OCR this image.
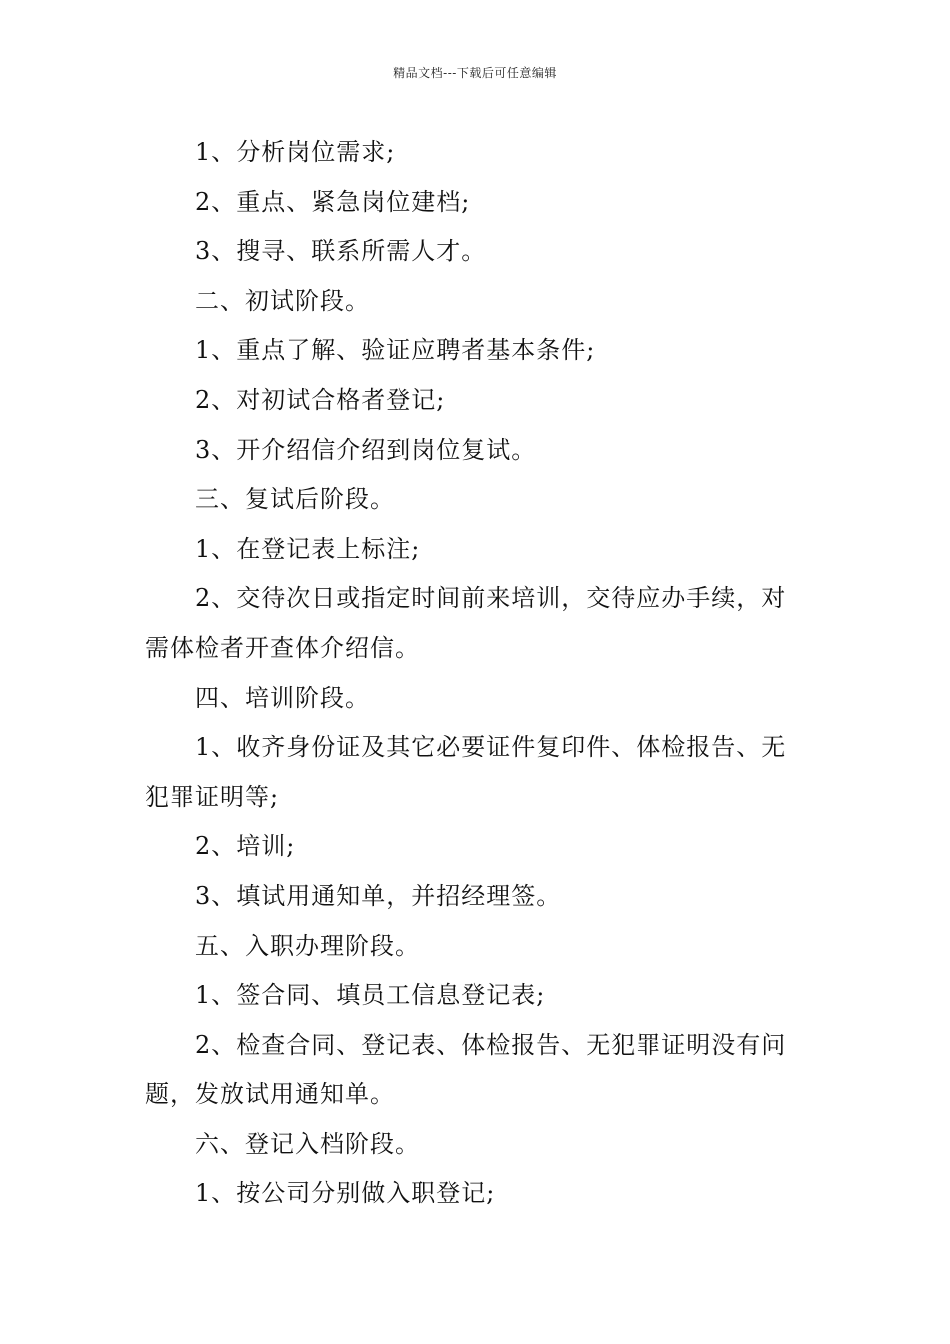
精品文档---下载后可任意编辑

1、分析岗位需求;

2、重点、紧急岗位建档;

3、搜寻、联系所需人才。

二、初试阶段。

1、重点了解、验证应聘者基本条件;

2、对初试合格者登记;

3、开介绍信介绍到岗位复试。

三、复试后阶段。

1、在登记表上标注;

2、交待次日或指定时间前来培训，交待应办手续，对需体检者开查体介绍信。

四、培训阶段。

1、收齐身份证及其它必要证件复印件、体检报告、无犯罪证明等;

2、培训;

3、填试用通知单，并招经理签。

五、入职办理阶段。

1、签合同、填员工信息登记表;

2、检查合同、登记表、体检报告、无犯罪证明没有问题，发放试用通知单。

六、登记入档阶段。

1、按公司分别做入职登记;
